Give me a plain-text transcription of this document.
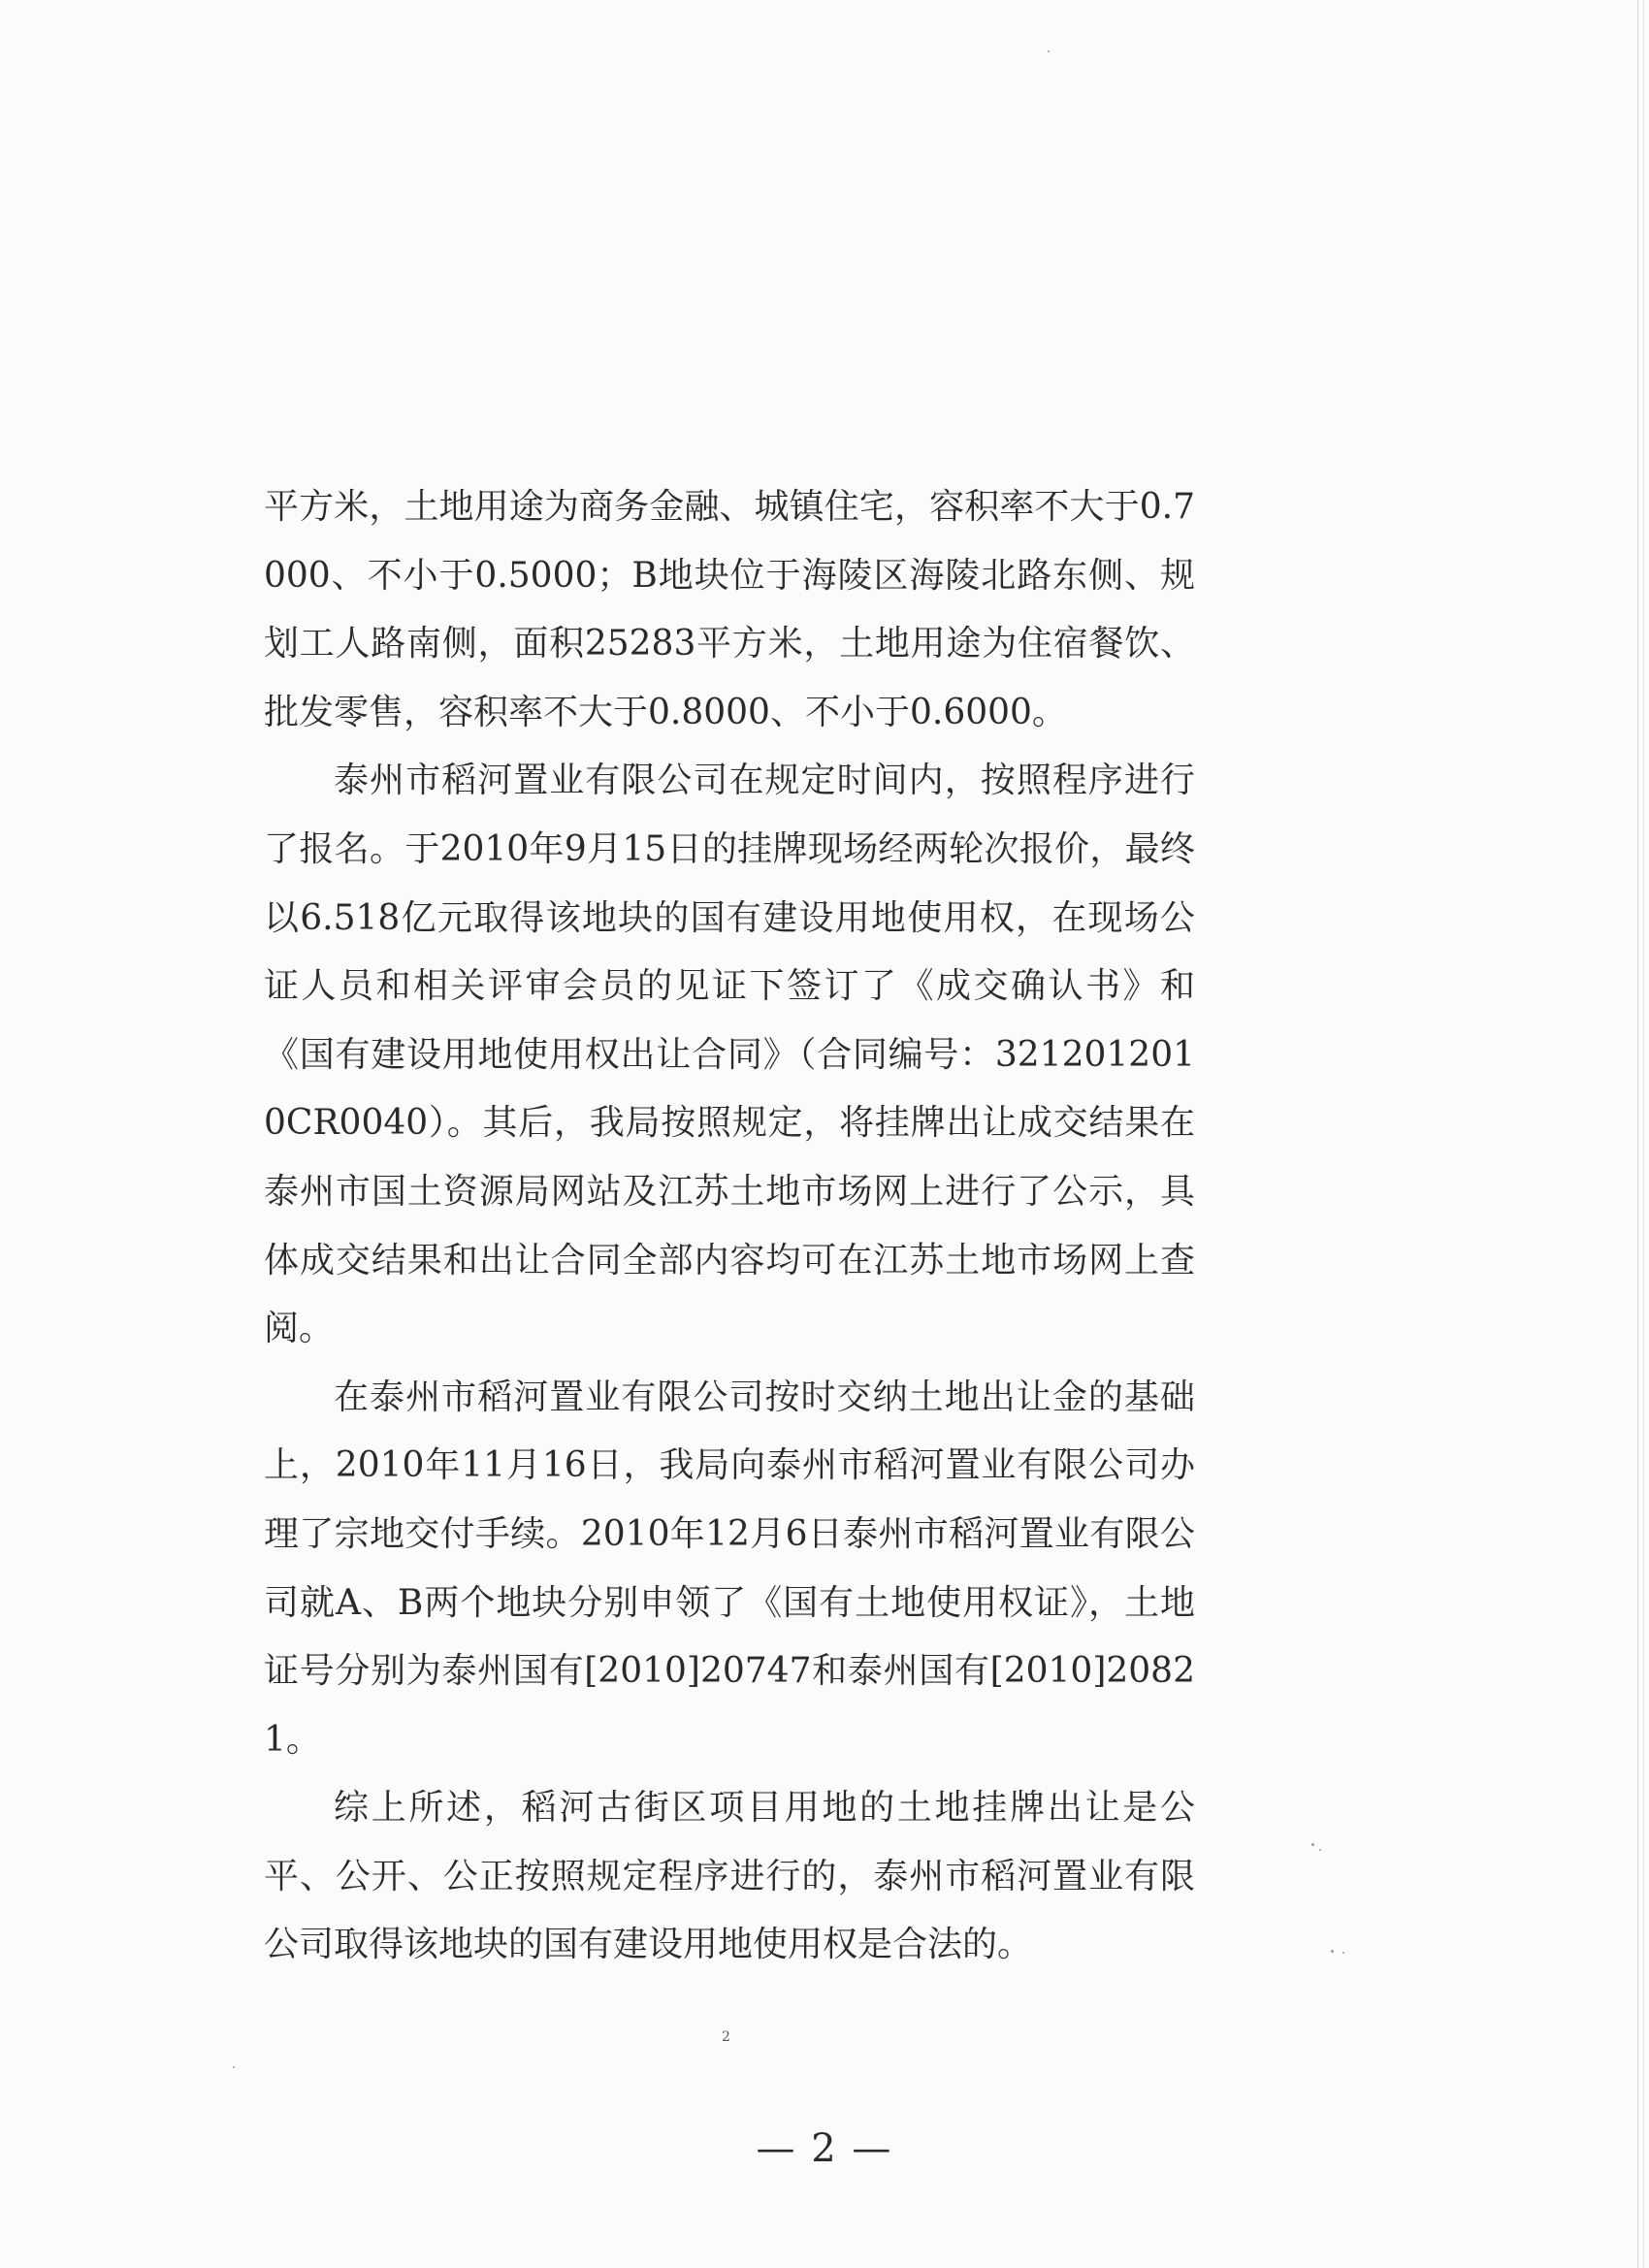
平方米，土地用途为商务金融、城镇住宅，容积率不大于0.7000、不小于0.5000；B地块位于海陵区海陵北路东侧、规划工人路南侧，面积25283平方米，土地用途为住宿餐饮、批发零售，容积率不大于0.8000、不小于0.6000。

泰州市稻河置业有限公司在规定时间内，按照程序进行了报名。于2010年9月15日的挂牌现场经两轮次报价，最终以6.518亿元取得该地块的国有建设用地使用权，在现场公证人员和相关评审会员的见证下签订了《成交确认书》和《国有建设用地使用权出让合同》（合同编号：3212012010CR0040）。其后，我局按照规定，将挂牌出让成交结果在泰州市国土资源局网站及江苏土地市场网上进行了公示，具体成交结果和出让合同全部内容均可在江苏土地市场网上查阅。

在泰州市稻河置业有限公司按时交纳土地出让金的基础上，2010年11月16日，我局向泰州市稻河置业有限公司办理了宗地交付手续。2010年12月6日泰州市稻河置业有限公司就A、B两个地块分别申领了《国有土地使用权证》，土地证号分别为泰州国有[2010]20747和泰州国有[2010]20821。

综上所述，稻河古街区项目用地的土地挂牌出让是公平、公开、公正按照规定程序进行的，泰州市稻河置业有限公司取得该地块的国有建设用地使用权是合法的。

2
— 2 —
